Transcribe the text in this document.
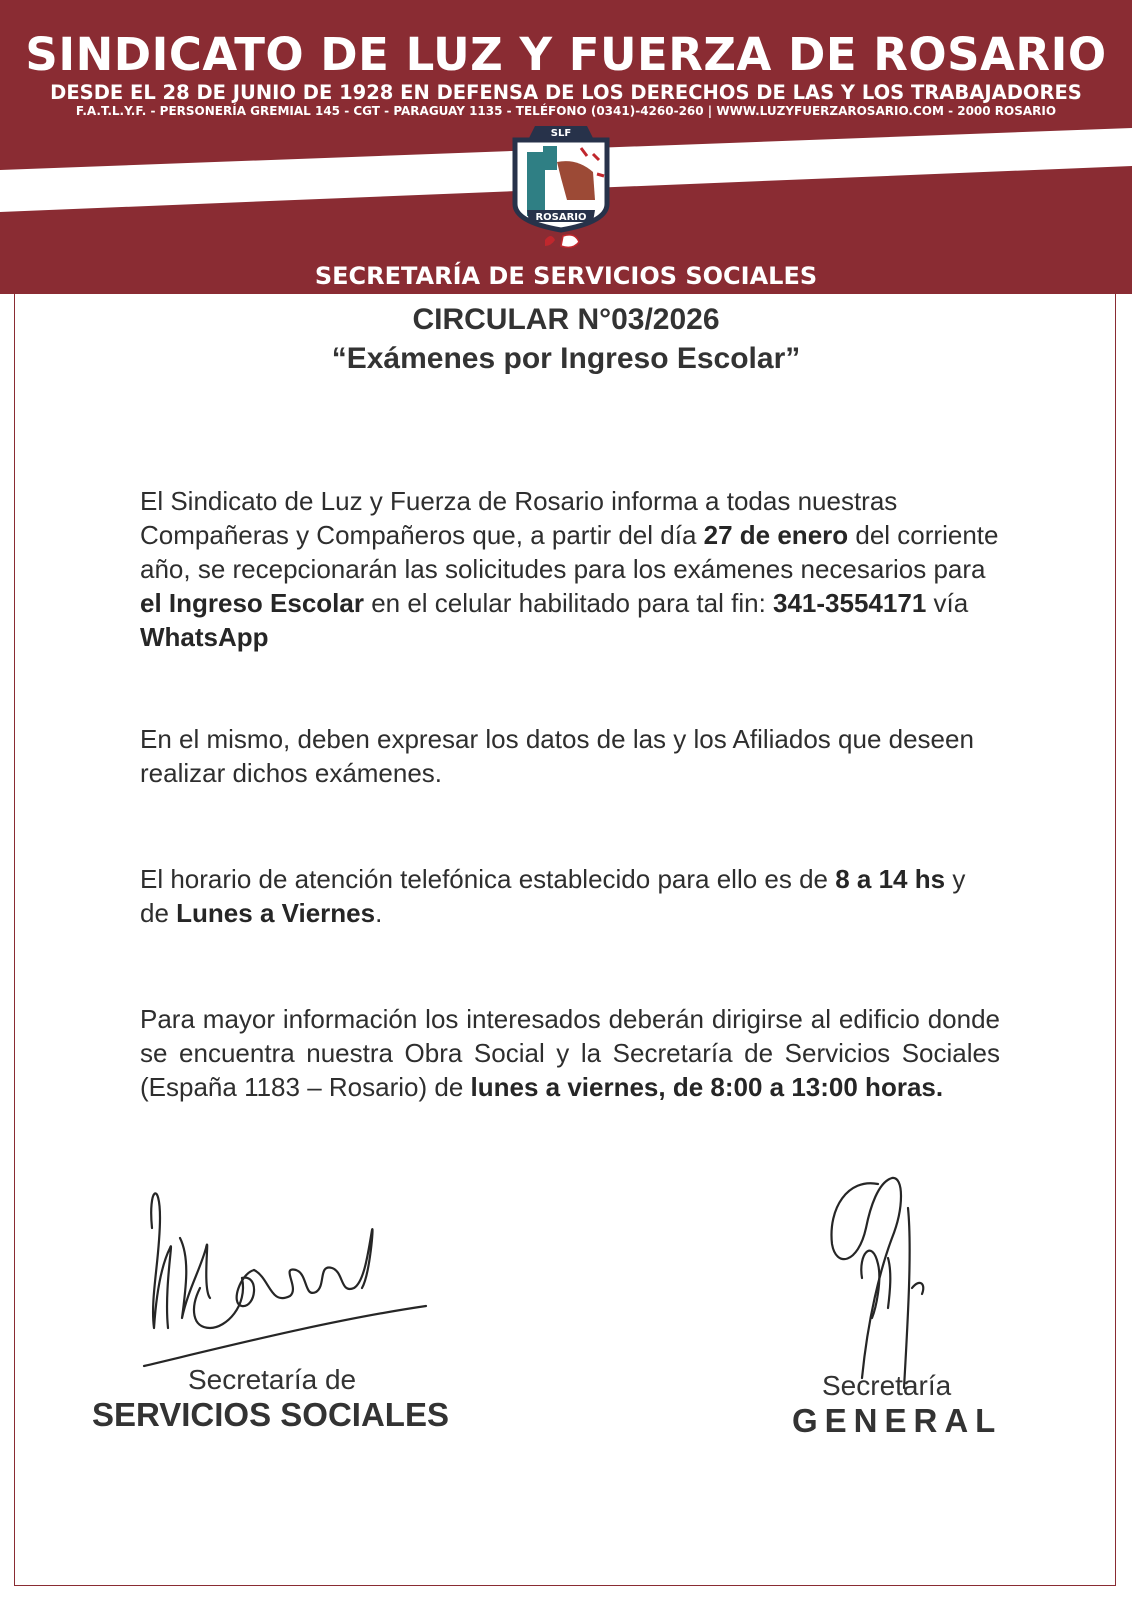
SINDICATO DE LUZ Y FUERZA DE ROSARIO
DESDE EL 28 DE JUNIO DE 1928 EN DEFENSA DE LOS DERECHOS DE LAS Y LOS TRABAJADORES
F.A.T.L.Y.F. - PERSONERÍA GREMIAL 145 - CGT - PARAGUAY 1135 - TELÉFONO (0341)-4260-260 | WWW.LUZYFUERZAROSARIO.COM - 2000 ROSARIO
SLF
ROSARIO
SECRETARÍA DE SERVICIOS SOCIALES
CIRCULAR N°03/2026
“Exámenes por Ingreso Escolar”

El Sindicato de Luz y Fuerza de Rosario informa a todas nuestras Compañeras y Compañeros que, a partir del día 27 de enero del corriente año, se recepcionarán las solicitudes para los exámenes necesarios para el Ingreso Escolar en el celular habilitado para tal fin: 341-3554171 vía WhatsApp

En el mismo, deben expresar los datos de las y los Afiliados que deseen realizar dichos exámenes.

El horario de atención telefónica establecido para ello es de 8 a 14 hs y de Lunes a Viernes.

Para mayor información los interesados deberán dirigirse al edificio donde se encuentra nuestra Obra Social y la Secretaría de Servicios Sociales (España 1183 – Rosario) de lunes a viernes, de 8:00 a 13:00 horas.

Secretaría de
SERVICIOS SOCIALES
Secretaría
GENERAL
